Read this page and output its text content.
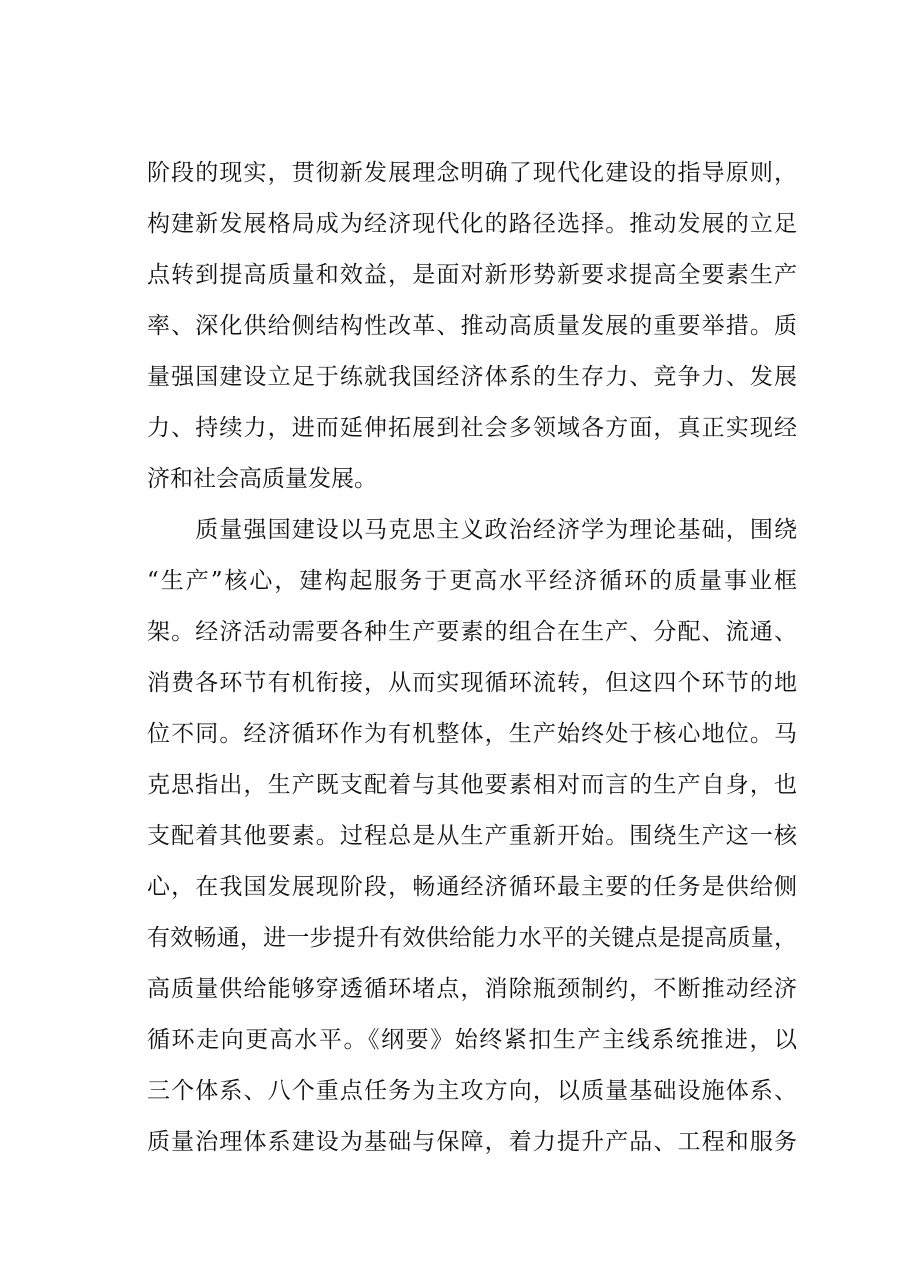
阶段的现实，贯彻新发展理念明确了现代化建设的指导原则，
构建新发展格局成为经济现代化的路径选择。推动发展的立足
点转到提高质量和效益，是面对新形势新要求提高全要素生产
率、深化供给侧结构性改革、推动高质量发展的重要举措。质
量强国建设立足于练就我国经济体系的生存力、竞争力、发展
力、持续力，进而延伸拓展到社会多领域各方面，真正实现经
济和社会高质量发展。
　　质量强国建设以马克思主义政治经济学为理论基础，围绕
“生产”核心，建构起服务于更高水平经济循环的质量事业框
架。经济活动需要各种生产要素的组合在生产、分配、流通、
消费各环节有机衔接，从而实现循环流转，但这四个环节的地
位不同。经济循环作为有机整体，生产始终处于核心地位。马
克思指出，生产既支配着与其他要素相对而言的生产自身，也
支配着其他要素。过程总是从生产重新开始。围绕生产这一核
心，在我国发展现阶段，畅通经济循环最主要的任务是供给侧
有效畅通，进一步提升有效供给能力水平的关键点是提高质量，
高质量供给能够穿透循环堵点，消除瓶颈制约，不断推动经济
循环走向更高水平。《纲要》始终紧扣生产主线系统推进，以
三个体系、八个重点任务为主攻方向，以质量基础设施体系、
质量治理体系建设为基础与保障，着力提升产品、工程和服务
